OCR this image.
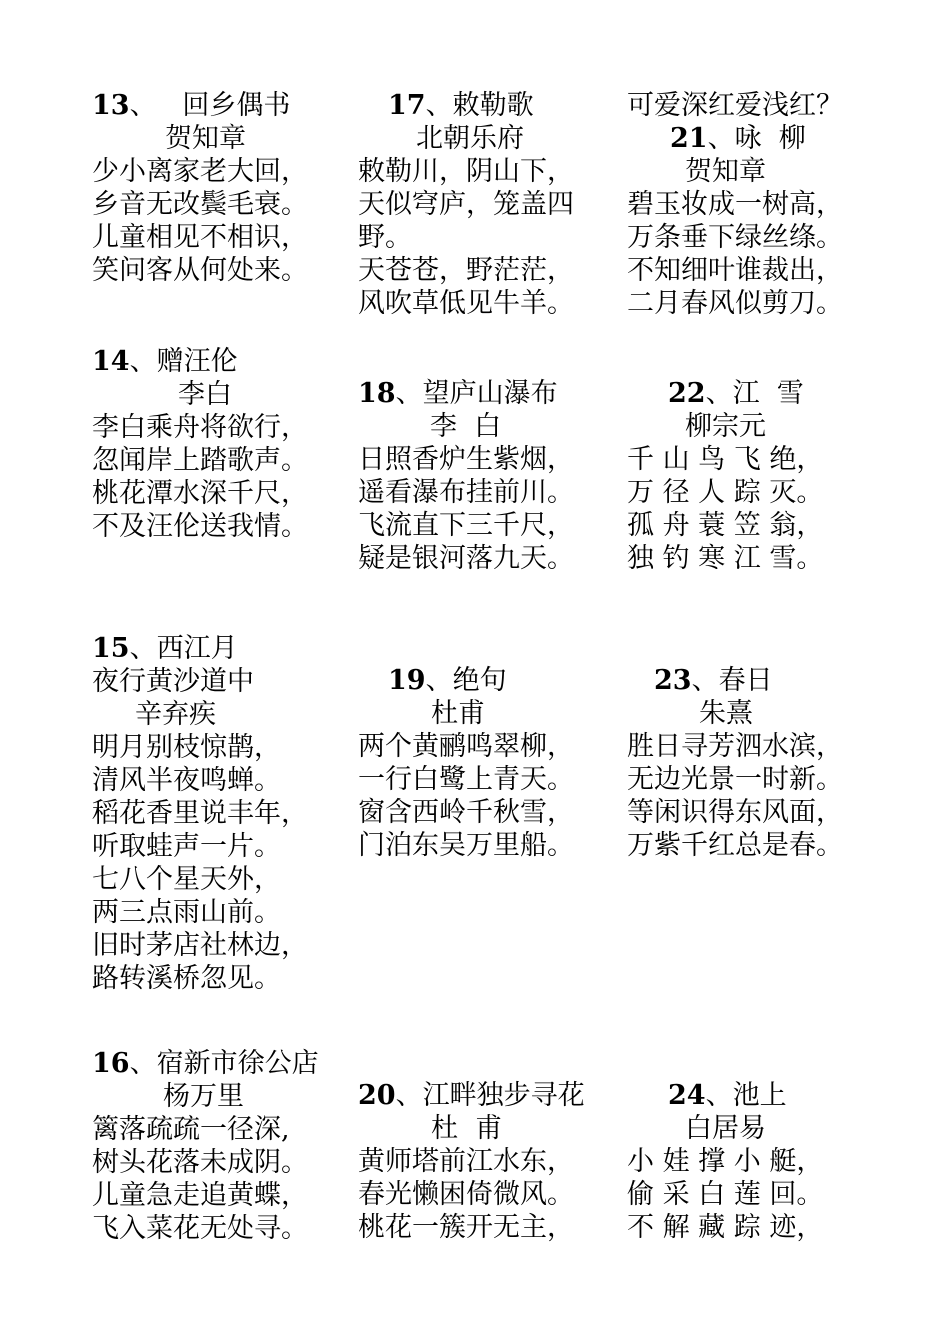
13、   回乡偶书

贺知章

少小离家老大回，

乡音无改鬓毛衰。

儿童相见不相识，

笑问客从何处来。

14、赠汪伦

李白

李白乘舟将欲行，

忽闻岸上踏歌声。

桃花潭水深千尺，

不及汪伦送我情。

15、西江月

夜行黄沙道中

辛弃疾

明月别枝惊鹊，

清风半夜鸣蝉。

稻花香里说丰年，

听取蛙声一片。

七八个星天外，

两三点雨山前。

旧时茅店社林边，

路转溪桥忽见。

16、宿新市徐公店

杨万里

篱落疏疏一径深,

树头花落未成阴。

儿童急走追黄蝶，

飞入菜花无处寻。

17、敕勒歌

北朝乐府

敕勒川，阴山下，

天似穹庐，笼盖四

野。

天苍苍，野茫茫，

风吹草低见牛羊。

18、望庐山瀑布

李  白

日照香炉生紫烟，

遥看瀑布挂前川。

飞流直下三千尺，

疑是银河落九天。

19、绝句

杜甫

两个黄鹂鸣翠柳，

一行白鹭上青天。

窗含西岭千秋雪，

门泊东吴万里船。

20、江畔独步寻花

杜  甫

黄师塔前江水东，

春光懒困倚微风。

桃花一簇开无主，

可爱深红爱浅红？

21、咏  柳

贺知章

碧玉妆成一树高，

万条垂下绿丝绦。

不知细叶谁裁出，

二月春风似剪刀。

22、江  雪

柳宗元

千 山 鸟 飞 绝，

万 径 人 踪 灭。

孤 舟 蓑 笠 翁，

独 钓 寒 江 雪。

23、春日

朱熹

胜日寻芳泗水滨，

无边光景一时新。

等闲识得东风面，

万紫千红总是春。

24、池上

白居易

小 娃 撑 小 艇，

偷 采 白 莲 回。

不 解 藏 踪 迹，
